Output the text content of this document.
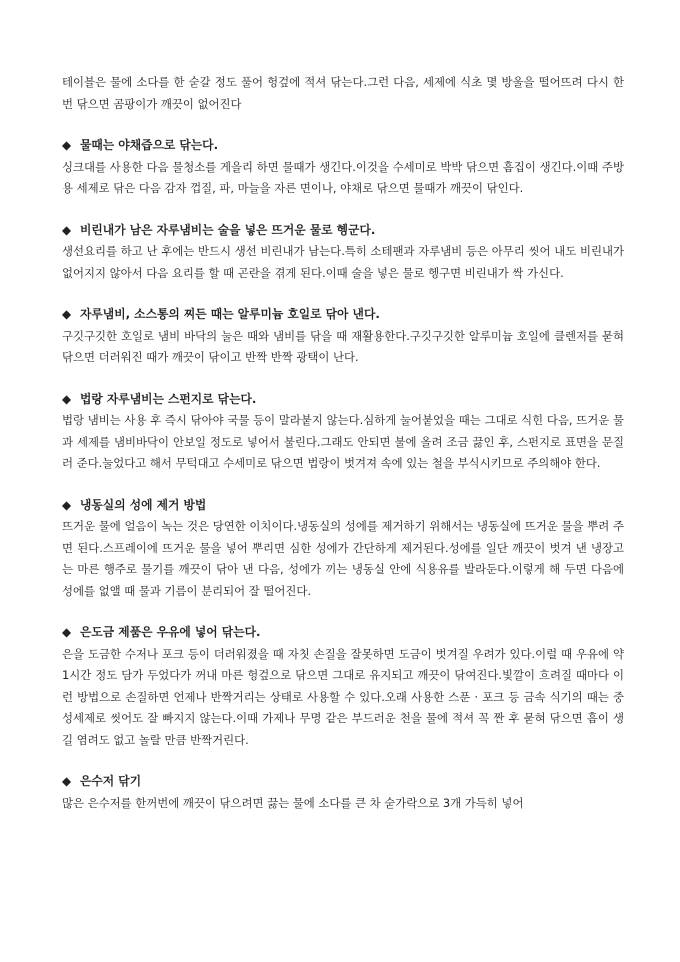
테이블은 물에 소다를 한 숟갈 정도 풀어 헝겊에 적셔 닦는다.그런 다음, 세제에 식초 몇 방울을 떨어뜨려 다시 한 번 닦으면 곰팡이가 깨끗이 없어진다

◆ 물때는 야채즙으로 닦는다.

싱크대를 사용한 다음 물청소를 게을리 하면 물때가 생긴다.이것을 수세미로 박박 닦으면 흠집이 생긴다.이때 주방용 세제로 닦은 다음 감자 껍질, 파, 마늘을 자른 면이나, 야채로 닦으면 물때가 깨끗이 닦인다.

◆ 비린내가 남은 자루냄비는 술을 넣은 뜨거운 물로 헹군다.

생선요리를 하고 난 후에는 반드시 생선 비린내가 남는다.특히 소테팬과 자루냄비 등은 아무리 씻어 내도 비린내가 없어지지 않아서 다음 요리를 할 때 곤란을 겪게 된다.이때 술을 넣은 물로 헹구면 비린내가 싹 가신다.

◆ 자루냄비, 소스통의 찌든 때는 알루미늄 호일로 닦아 낸다.

구깃구깃한 호일로 냄비 바닥의 눌은 때와 냄비를 닦을 때 재활용한다.구깃구깃한 알루미늄 호일에 클렌저를 묻혀 닦으면 더러워진 때가 깨끗이 닦이고 반짝 반짝 광택이 난다.

◆ 법랑 자루냄비는 스펀지로 닦는다.

법랑 냄비는 사용 후 즉시 닦아야 국물 등이 말라붙지 않는다.심하게 눌어붙었을 때는 그대로 식힌 다음, 뜨거운 물과 세제를 냄비바닥이 안보일 정도로 넣어서 불린다.그래도 안되면 불에 올려 조금 끓인 후, 스펀지로 표면을 문질러 준다.눌었다고 해서 무턱대고 수세미로 닦으면 법랑이 벗겨져 속에 있는 철을 부식시키므로 주의해야 한다.

◆ 냉동실의 성에 제거 방법

뜨거운 물에 얼음이 녹는 것은 당연한 이치이다.냉동실의 성에를 제거하기 위해서는 냉동실에 뜨거운 물을 뿌려 주면 된다.스프레이에 뜨거운 물을 넣어 뿌리면 심한 성에가 간단하게 제거된다.성에를 일단 깨끗이 벗겨 낸 냉장고는 마른 행주로 물기를 깨끗이 닦아 낸 다음, 성에가 끼는 냉동실 안에 식용유를 발라둔다.이렇게 해 두면 다음에 성에를 없앨 때 물과 기름이 분리되어 잘 떨어진다.

◆ 은도금 제품은 우유에 넣어 닦는다.

은을 도금한 수저나 포크 등이 더러워졌을 때 자칫 손질을 잘못하면 도금이 벗겨질 우려가 있다.이럴 때 우유에 약 1시간 정도 담가 두었다가 꺼내 마른 헝겊으로 닦으면 그대로 유지되고 깨끗이 닦여진다.빛깔이 흐려질 때마다 이런 방법으로 손질하면 언제나 반짝거리는 상태로 사용할 수 있다.오래 사용한 스푼 · 포크 등 금속 식기의 때는 중성세제로 씻어도 잘 빠지지 않는다.이때 가제나 무명 같은 부드러운 천을 물에 적셔 꼭 짠 후 묻혀 닦으면 흠이 생길 염려도 없고 놀랄 만큼 반짝거린다.

◆ 은수저 닦기

많은 은수저를 한꺼번에 깨끗이 닦으려면 끓는 물에 소다를 큰 차 숟가락으로 3개 가득히 넣어
